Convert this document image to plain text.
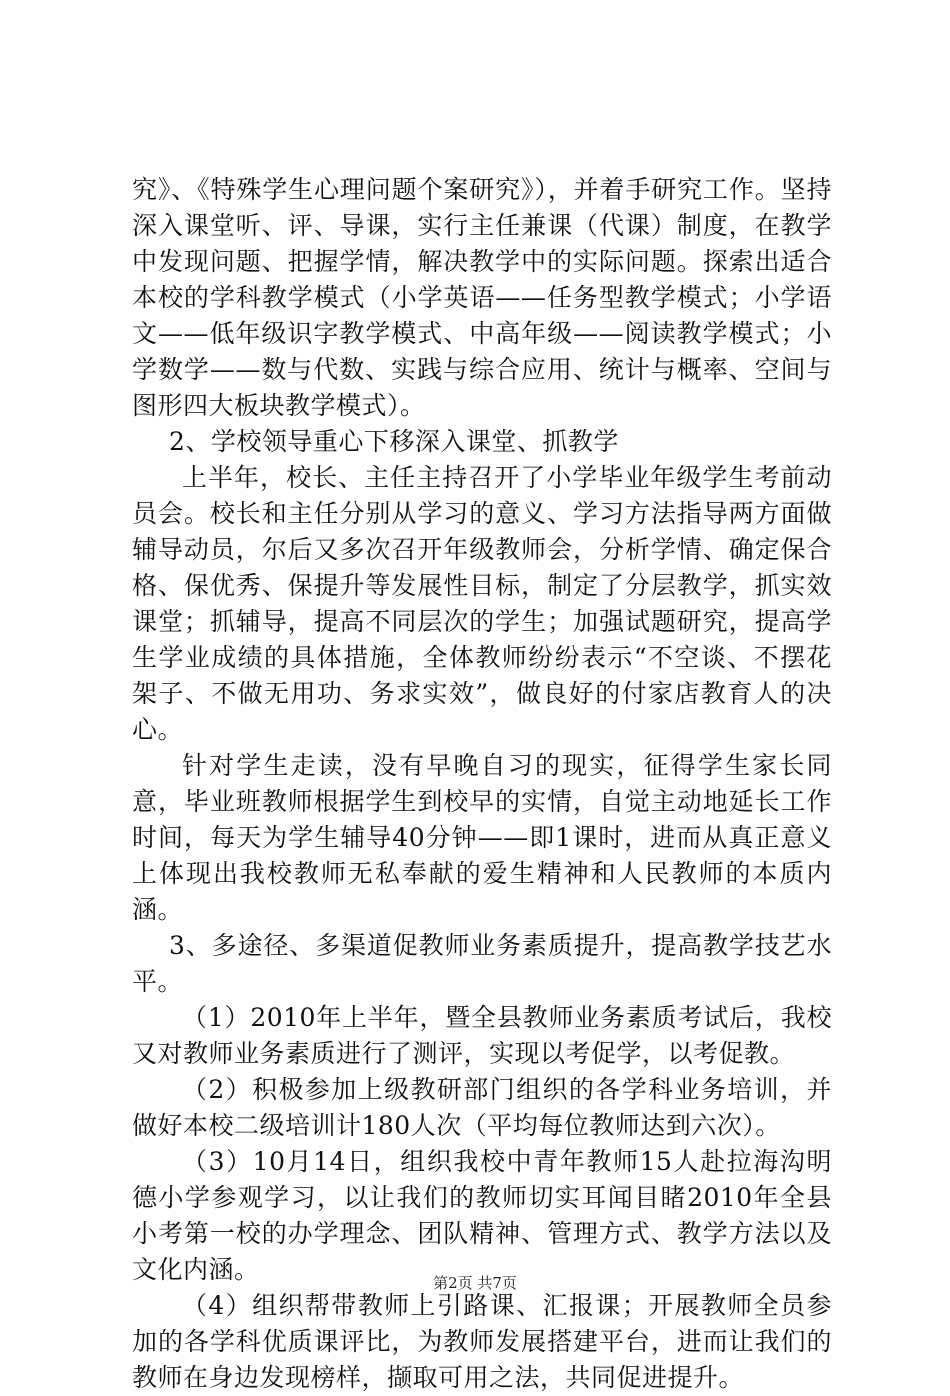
究》、《特殊学生心理问题个案研究》），并着手研究工作。坚持深入课堂听、评、导课，实行主任兼课（代课）制度，在教学中发现问题、把握学情，解决教学中的实际问题。探索出适合本校的学科教学模式（小学英语——任务型教学模式；小学语文——低年级识字教学模式、中高年级——阅读教学模式；小学数学——数与代数、实践与综合应用、统计与概率、空间与图形四大板块教学模式）。

2、学校领导重心下移深入课堂、抓教学

上半年，校长、主任主持召开了小学毕业年级学生考前动员会。校长和主任分别从学习的意义、学习方法指导两方面做辅导动员，尔后又多次召开年级教师会，分析学情、确定保合格、保优秀、保提升等发展性目标，制定了分层教学，抓实效课堂；抓辅导，提高不同层次的学生；加强试题研究，提高学生学业成绩的具体措施，全体教师纷纷表示“不空谈、不摆花架子、不做无用功、务求实效”，做良好的付家店教育人的决心。

针对学生走读，没有早晚自习的现实，征得学生家长同意，毕业班教师根据学生到校早的实情，自觉主动地延长工作时间，每天为学生辅导40分钟——即1课时，进而从真正意义上体现出我校教师无私奉献的爱生精神和人民教师的本质内涵。

3、多途径、多渠道促教师业务素质提升，提高教学技艺水平。

（1）2010年上半年，暨全县教师业务素质考试后，我校又对教师业务素质进行了测评，实现以考促学，以考促教。

（2）积极参加上级教研部门组织的各学科业务培训，并做好本校二级培训计180人次（平均每位教师达到六次）。

（3）10月14日，组织我校中青年教师15人赴拉海沟明德小学参观学习，以让我们的教师切实耳闻目睹2010年全县小考第一校的办学理念、团队精神、管理方式、教学方法以及文化内涵。

（4）组织帮带教师上引路课、汇报课；开展教师全员参加的各学科优质课评比，为教师发展搭建平台，进而让我们的教师在身边发现榜样，撷取可用之法，共同促进提升。

第2页 共7页
